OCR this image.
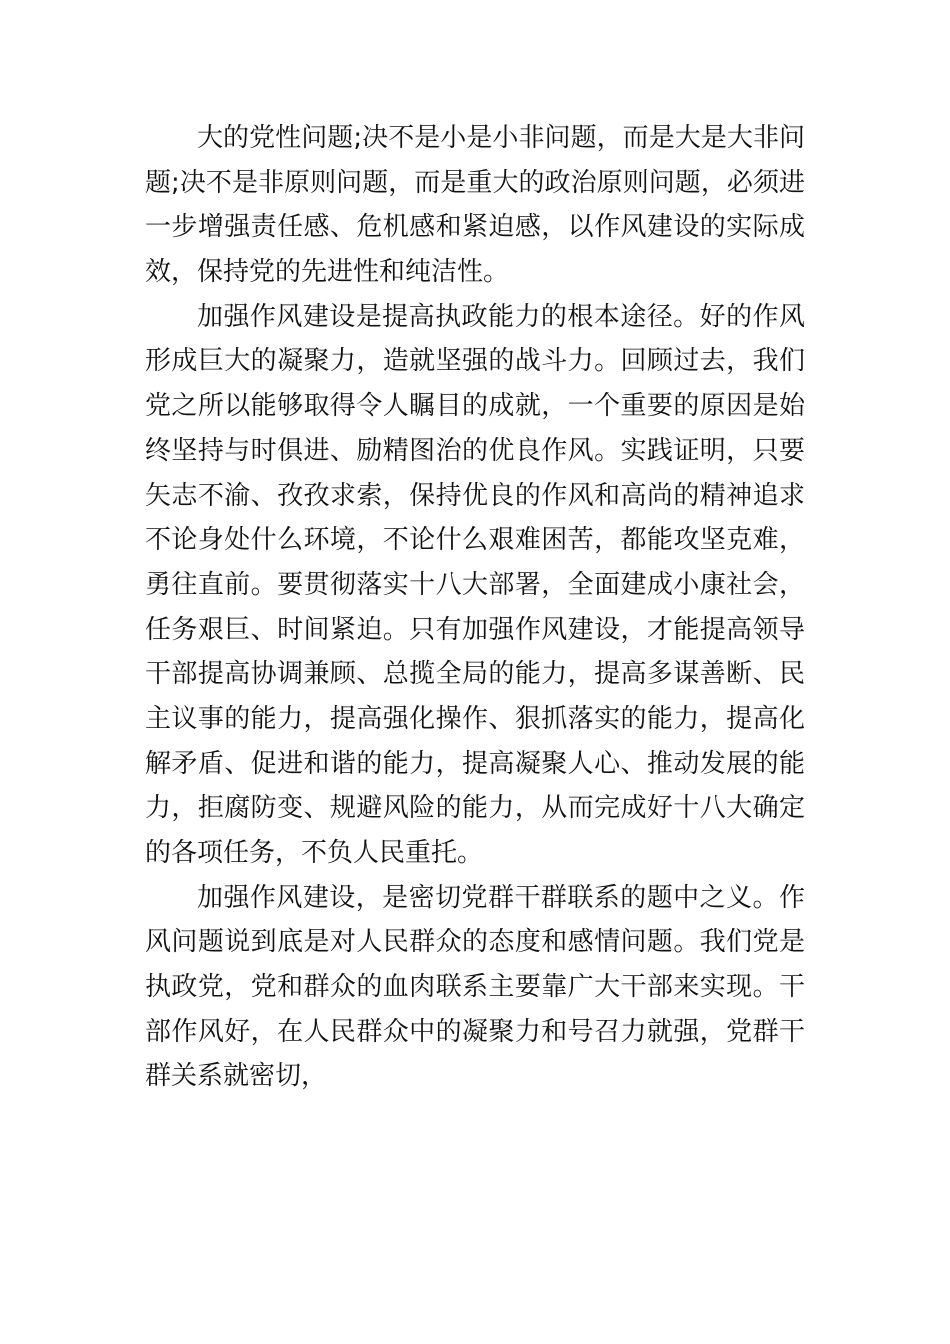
大的党性问题;决不是小是小非问题，而是大是大非问
题;决不是非原则问题，而是重大的政治原则问题，必须进
一步增强责任感、危机感和紧迫感，以作风建设的实际成
效，保持党的先进性和纯洁性。
加强作风建设是提高执政能力的根本途径。好的作风
形成巨大的凝聚力，造就坚强的战斗力。回顾过去，我们
党之所以能够取得令人瞩目的成就，一个重要的原因是始
终坚持与时俱进、励精图治的优良作风。实践证明，只要
矢志不渝、孜孜求索，保持优良的作风和高尚的精神追求
不论身处什么环境，不论什么艰难困苦，都能攻坚克难，
勇往直前。要贯彻落实十八大部署，全面建成小康社会，
任务艰巨、时间紧迫。只有加强作风建设，才能提高领导
干部提高协调兼顾、总揽全局的能力，提高多谋善断、民
主议事的能力，提高强化操作、狠抓落实的能力，提高化
解矛盾、促进和谐的能力，提高凝聚人心、推动发展的能
力，拒腐防变、规避风险的能力，从而完成好十八大确定
的各项任务，不负人民重托。
加强作风建设，是密切党群干群联系的题中之义。作
风问题说到底是对人民群众的态度和感情问题。我们党是
执政党，党和群众的血肉联系主要靠广大干部来实现。干
部作风好，在人民群众中的凝聚力和号召力就强，党群干
群关系就密切，
